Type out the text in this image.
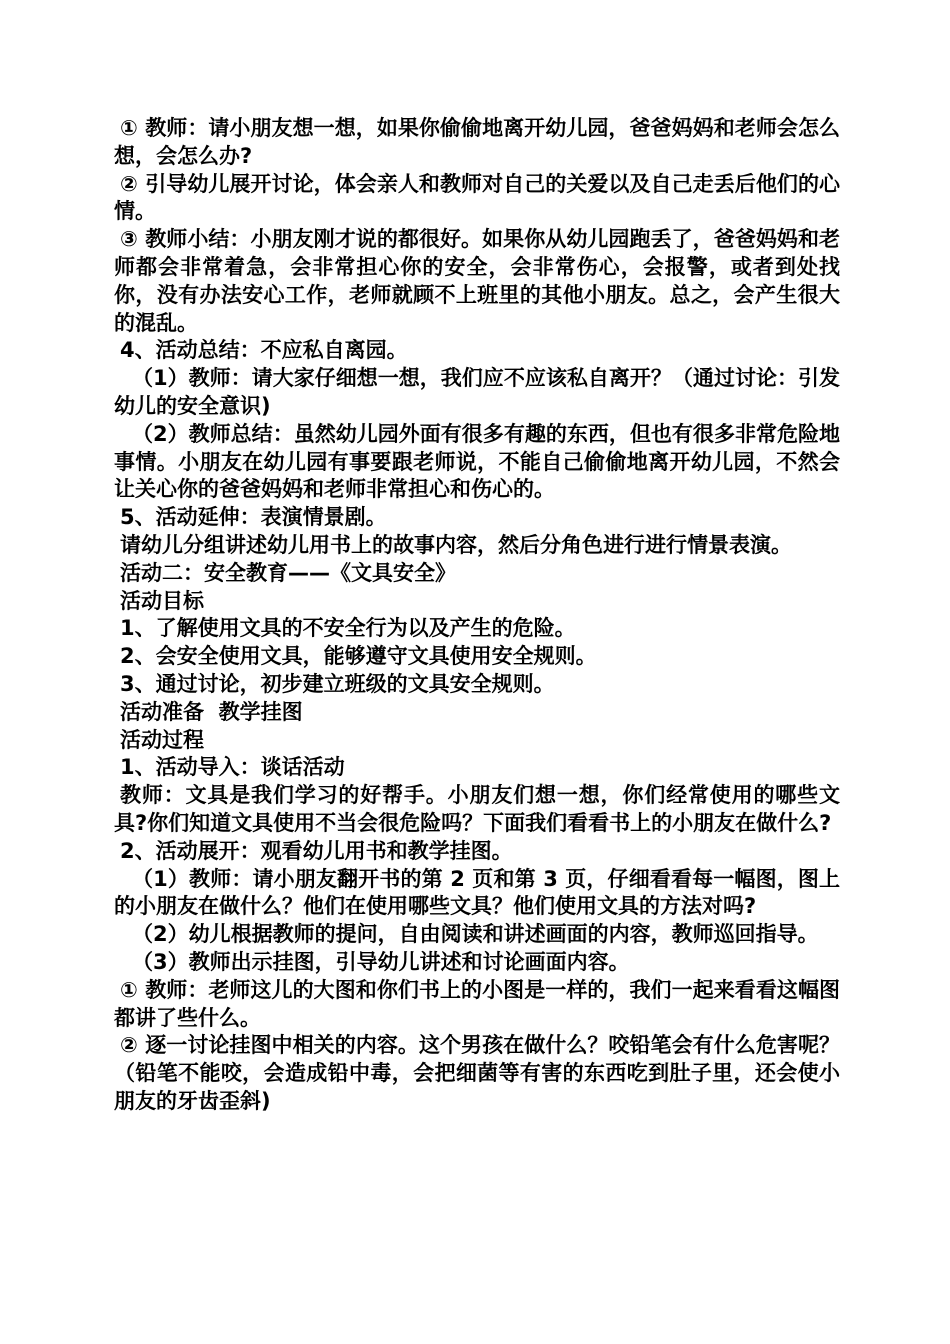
① 教师：请小朋友想一想，如果你偷偷地离开幼儿园，爸爸妈妈和老师会怎么想，会怎么办?

② 引导幼儿展开讨论，体会亲人和教师对自己的关爱以及自己走丢后他们的心情。

③ 教师小结：小朋友刚才说的都很好。如果你从幼儿园跑丢了，爸爸妈妈和老师都会非常着急，会非常担心你的安全，会非常伤心，会报警，或者到处找你，没有办法安心工作，老师就顾不上班里的其他小朋友。总之，会产生很大的混乱。

4、活动总结：不应私自离园。

（1）教师：请大家仔细想一想，我们应不应该私自离开？（通过讨论：引发幼儿的安全意识)

（2）教师总结：虽然幼儿园外面有很多有趣的东西，但也有很多非常危险地事情。小朋友在幼儿园有事要跟老师说，不能自己偷偷地离开幼儿园，不然会让关心你的爸爸妈妈和老师非常担心和伤心的。

5、活动延伸：表演情景剧。

请幼儿分组讲述幼儿用书上的故事内容，然后分角色进行进行情景表演。

活动二：安全教育——《文具安全》

活动目标

1、了解使用文具的不安全行为以及产生的危险。

2、会安全使用文具，能够遵守文具使用安全规则。

3、通过讨论，初步建立班级的文具安全规则。

活动准备  教学挂图

活动过程

1、活动导入：谈话活动

教师：文具是我们学习的好帮手。小朋友们想一想，你们经常使用的哪些文具?你们知道文具使用不当会很危险吗？下面我们看看书上的小朋友在做什么?

2、活动展开：观看幼儿用书和教学挂图。

（1）教师：请小朋友翻开书的第 2 页和第 3 页，仔细看看每一幅图，图上的小朋友在做什么？他们在使用哪些文具？他们使用文具的方法对吗?

（2）幼儿根据教师的提问，自由阅读和讲述画面的内容，教师巡回指导。

（3）教师出示挂图，引导幼儿讲述和讨论画面内容。

① 教师：老师这儿的大图和你们书上的小图是一样的，我们一起来看看这幅图都讲了些什么。

② 逐一讨论挂图中相关的内容。这个男孩在做什么？咬铅笔会有什么危害呢？（铅笔不能咬，会造成铅中毒，会把细菌等有害的东西吃到肚子里，还会使小朋友的牙齿歪斜)
